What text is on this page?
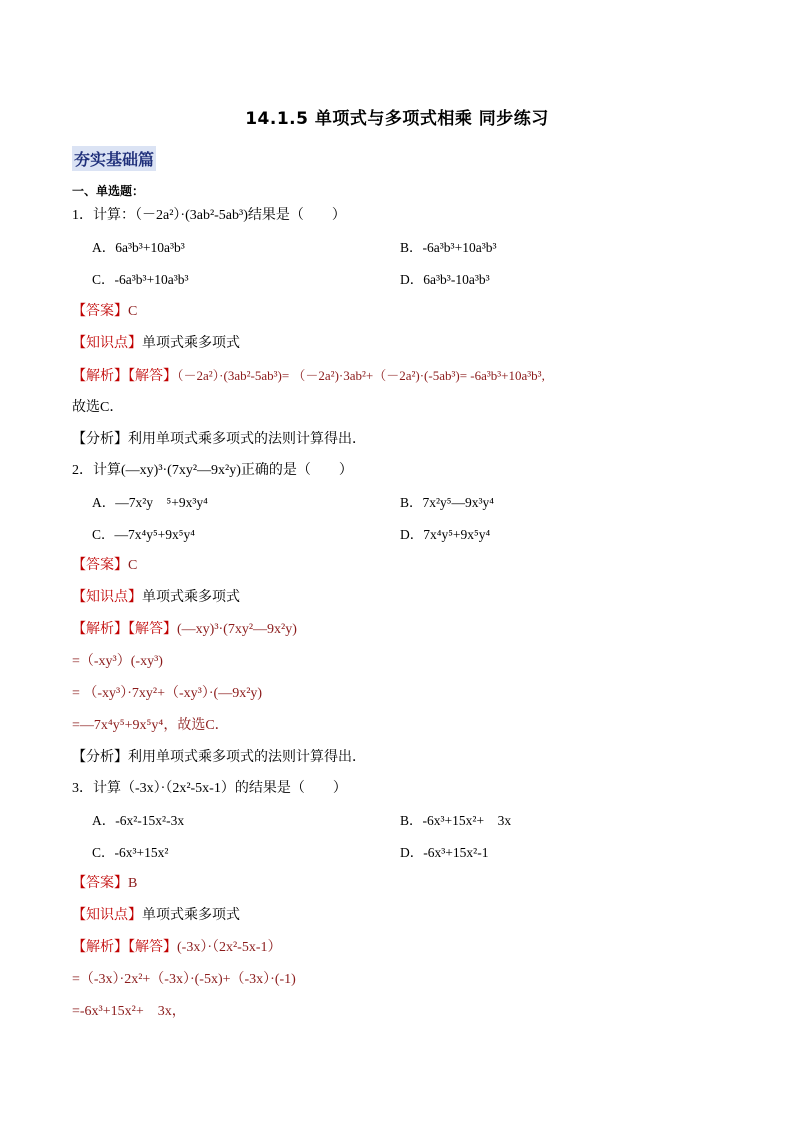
14.1.5 单项式与多项式相乘 同步练习
夯实基础篇
一、单选题：
1．计算：（－2a²）·(3ab²-5ab³)结果是（　　）
A．6a³b³+10a³b³	B．-6a³b³+10a³b³
C．-6a³b³+10a³b³	D．6a³b³-10a³b³
【答案】C
【知识点】单项式乘多项式
【解析】【解答】（－2a²）·(3ab²-5ab³)= （－2a²)·3ab²+（－2a²)·(-5ab³)= -6a³b³+10a³b³,
故选C．
【分析】利用单项式乘多项式的法则计算得出．
2．计算(—xy)³·(7xy²—9x²y)正确的是（　　）
A．—7x²y　⁵+9x³y⁴	B．7x²y⁵—9x³y⁴
C．—7x⁴y⁵+9x⁵y⁴	D．7x⁴y⁵+9x⁵y⁴
【答案】C
【知识点】单项式乘多项式
【解析】【解答】(—xy)³·(7xy²—9x²y)
=（-xy³）(-xy³)
= （-xy³）·7xy²+（-xy³）·(—9x²y)
=—7x⁴y⁵+9x⁵y⁴，故选C．
【分析】利用单项式乘多项式的法则计算得出．
3．计算（-3x）·（2x²-5x-1）的结果是（　　）
A．-6x²-15x²-3x	B．-6x³+15x²+　3x
C．-6x³+15x²	D．-6x³+15x²-1
【答案】B
【知识点】单项式乘多项式
【解析】【解答】(-3x）·（2x²-5x-1）
=（-3x）·2x²+（-3x）·(-5x)+（-3x）·(-1)
=-6x³+15x²+　3x，
